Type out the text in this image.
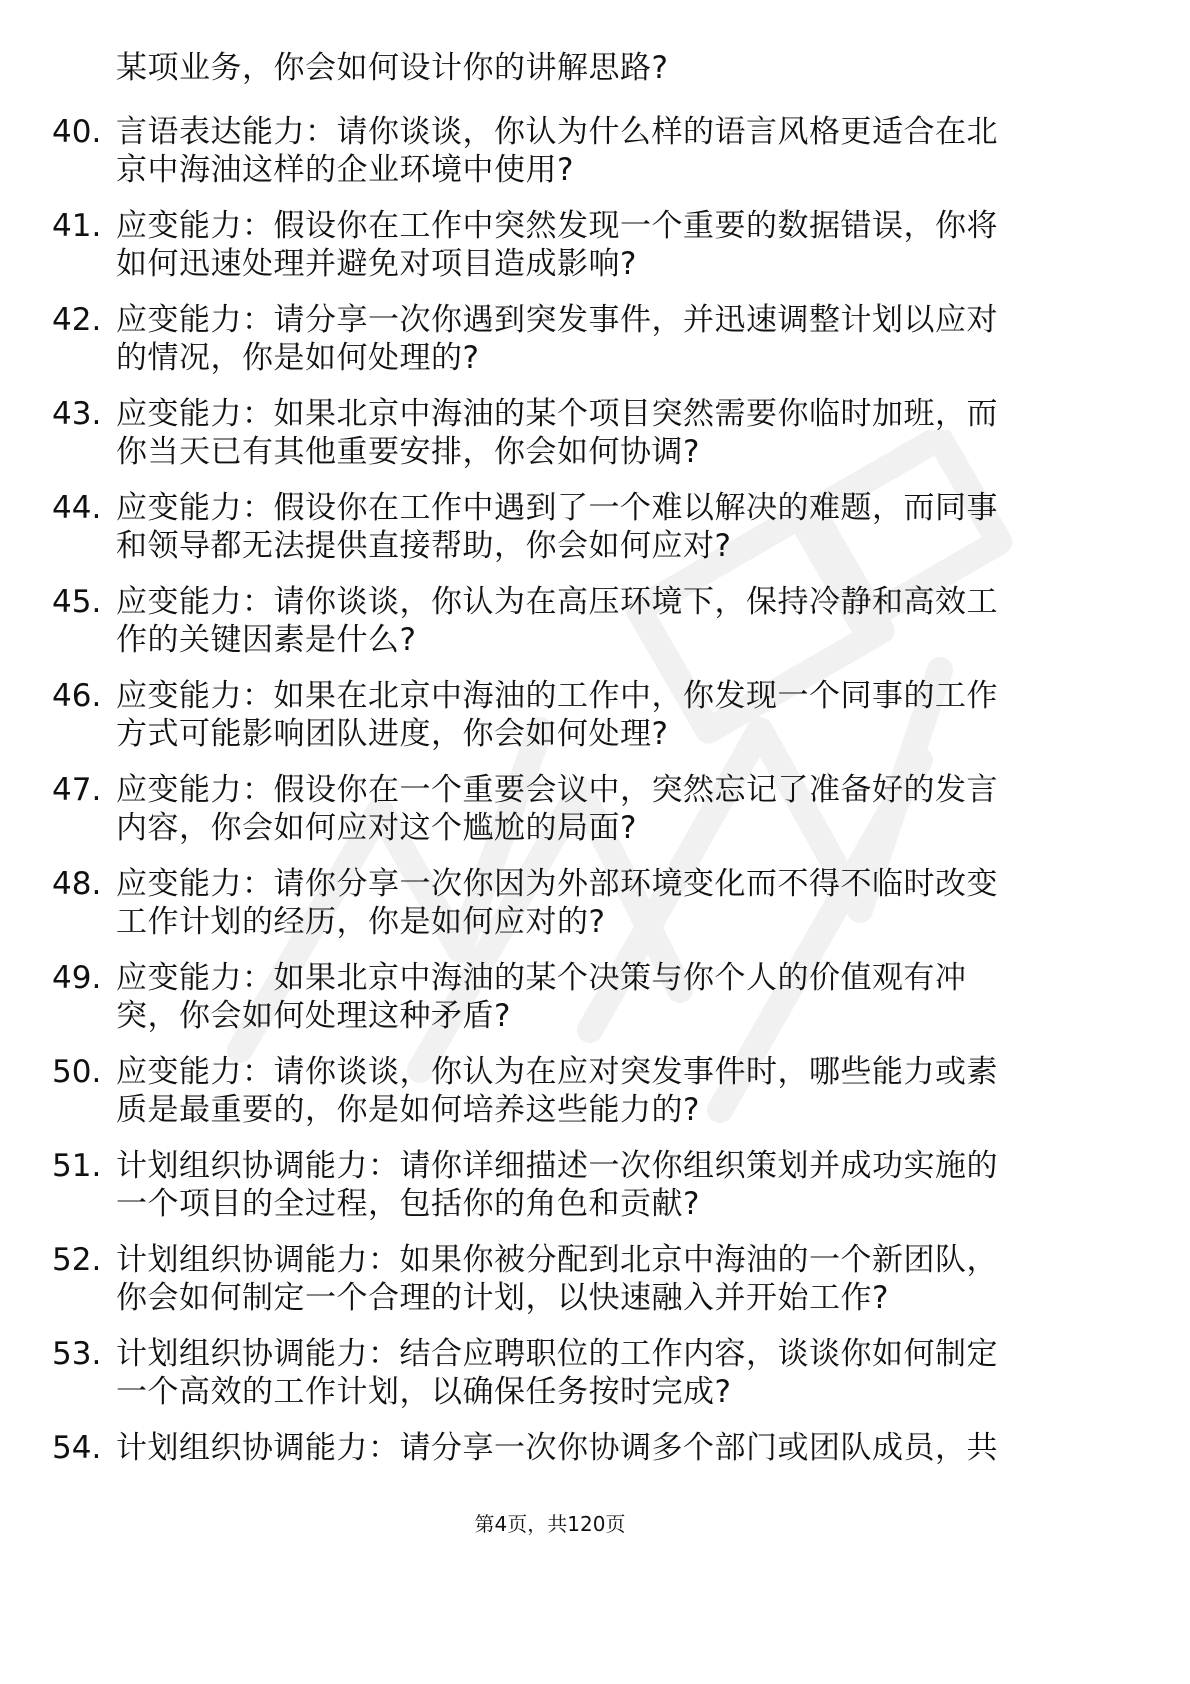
某项业务，你会如何设计你的讲解思路?
40. 言语表达能力：请你谈谈，你认为什么样的语言风格更适合在北
京中海油这样的企业环境中使用?
41. 应变能力：假设你在工作中突然发现一个重要的数据错误，你将
如何迅速处理并避免对项目造成影响?
42. 应变能力：请分享一次你遇到突发事件，并迅速调整计划以应对
的情况，你是如何处理的?
43. 应变能力：如果北京中海油的某个项目突然需要你临时加班，而
你当天已有其他重要安排，你会如何协调?
44. 应变能力：假设你在工作中遇到了一个难以解决的难题，而同事
和领导都无法提供直接帮助，你会如何应对?
45. 应变能力：请你谈谈，你认为在高压环境下，保持冷静和高效工
作的关键因素是什么?
46. 应变能力：如果在北京中海油的工作中，你发现一个同事的工作
方式可能影响团队进度，你会如何处理?
47. 应变能力：假设你在一个重要会议中，突然忘记了准备好的发言
内容，你会如何应对这个尴尬的局面?
48. 应变能力：请你分享一次你因为外部环境变化而不得不临时改变
工作计划的经历，你是如何应对的?
49. 应变能力：如果北京中海油的某个决策与你个人的价值观有冲
突，你会如何处理这种矛盾?
50. 应变能力：请你谈谈，你认为在应对突发事件时，哪些能力或素
质是最重要的，你是如何培养这些能力的?
51. 计划组织协调能力：请你详细描述一次你组织策划并成功实施的
一个项目的全过程，包括你的角色和贡献?
52. 计划组织协调能力：如果你被分配到北京中海油的一个新团队，
你会如何制定一个合理的计划，以快速融入并开始工作?
53. 计划组织协调能力：结合应聘职位的工作内容，谈谈你如何制定
一个高效的工作计划，以确保任务按时完成?
54. 计划组织协调能力：请分享一次你协调多个部门或团队成员，共
第4页，共120页
